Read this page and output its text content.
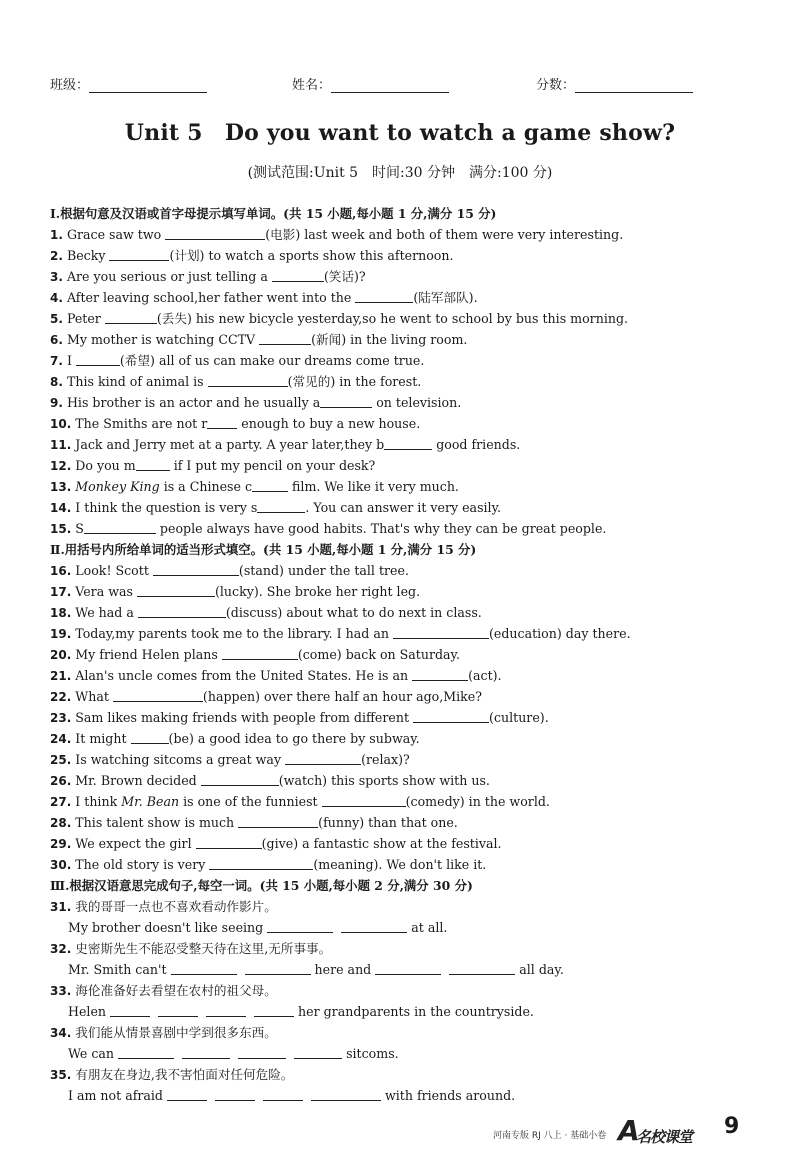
班级：	姓名：	分数：
Unit 5　Do you want to watch a game show?
(测试范围:Unit 5　时间:30 分钟　满分:100 分)
Ⅰ.根据句意及汉语或首字母提示填写单词。(共 15 小题,每小题 1 分,满分 15 分)
1. Grace saw two	(电影) last week and both of them were very interesting.
2. Becky	(计划) to watch a sports show this afternoon.
3. Are you serious or just telling a	(笑话)?
4. After leaving school,her father went into the	(陆军部队).
5. Peter	(丢失) his new bicycle yesterday,so he went to school by bus this morning.
6. My mother is watching CCTV	(新闻) in the living room.
7. I	(希望) all of us can make our dreams come true.
8. This kind of animal is	(常见的) in the forest.
9. His brother is an actor and he usually a	on television.
10. The Smiths are not r enough to buy a new house.
11. Jack and Jerry met at a party. A year later,they b	good friends.
12. Do you m	if I put my pencil on your desk?
13. Monkey King is a Chinese c	film. We like it very much.
14. I think the question is very s	. You can answer it very easily.
15. S	people always have good habits. That's why they can be great people.
Ⅱ.用括号内所给单词的适当形式填空。(共 15 小题,每小题 1 分,满分 15 分)
16. Look! Scott	(stand) under the tall tree.
17. Vera was	(lucky). She broke her right leg.
18. We had a	(discuss) about what to do next in class.
19. Today,my parents took me to the library. I had an	(education) day there.
20. My friend Helen plans	(come) back on Saturday.
21. Alan's uncle comes from the United States. He is an	(act).
22. What	(happen) over there half an hour ago,Mike?
23. Sam likes making friends with people from different	(culture).
24. It might	(be) a good idea to go there by subway.
25. Is watching sitcoms a great way	(relax)?
26. Mr. Brown decided	(watch) this sports show with us.
27. I think Mr. Bean is one of the funniest	(comedy) in the world.
28. This talent show is much	(funny) than that one.
29. We expect the girl	(give) a fantastic show at the festival.
30. The old story is very	(meaning). We don't like it.
Ⅲ.根据汉语意思完成句子,每空一词。(共 15 小题,每小题 2 分,满分 30 分)
31. 我的哥哥一点也不喜欢看动作影片。
My brother doesn't like seeing	at all.
32. 史密斯先生不能忍受整天待在这里,无所事事。
Mr. Smith can't	here and	all day.
33. 海伦准备好去看望在农村的祖父母。
Helen	her grandparents in the countryside.
34. 我们能从情景喜剧中学到很多东西。
We can	sitcoms.
35. 有朋友在身边,我不害怕面对任何危险。
I am not afraid	with friends around.
河南专版 RJ 八上 · 基础小卷 A
名校课堂 9
